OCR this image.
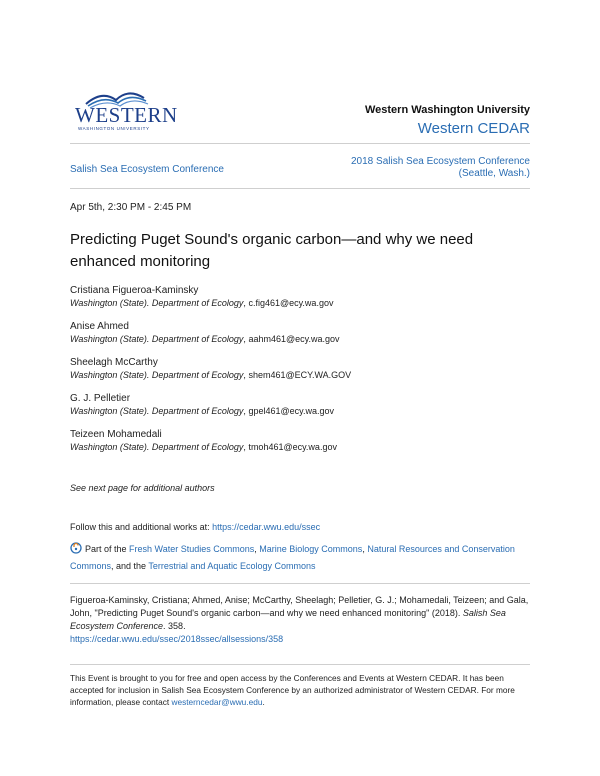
WESTERN
WASHINGTON UNIVERSITY
Western Washington University
Western CEDAR
Salish Sea Ecosystem Conference
2018 Salish Sea Ecosystem Conference
(Seattle, Wash.)
Apr 5th, 2:30 PM - 2:45 PM
Predicting Puget Sound's organic carbon—and why we need enhanced monitoring
Cristiana Figueroa-Kaminsky
Washington (State). Department of Ecology, c.fig461@ecy.wa.gov
Anise Ahmed
Washington (State). Department of Ecology, aahm461@ecy.wa.gov
Sheelagh McCarthy
Washington (State). Department of Ecology, shem461@ECY.WA.GOV
G. J. Pelletier
Washington (State). Department of Ecology, gpel461@ecy.wa.gov
Teizeen Mohamedali
Washington (State). Department of Ecology, tmoh461@ecy.wa.gov
See next page for additional authors
Follow this and additional works at: https://cedar.wwu.edu/ssec
Part of the Fresh Water Studies Commons, Marine Biology Commons, Natural Resources and Conservation Commons, and the Terrestrial and Aquatic Ecology Commons
Figueroa-Kaminsky, Cristiana; Ahmed, Anise; McCarthy, Sheelagh; Pelletier, G. J.; Mohamedali, Teizeen; and Gala, John, "Predicting Puget Sound's organic carbon—and why we need enhanced monitoring" (2018). Salish Sea Ecosystem Conference. 358.
https://cedar.wwu.edu/ssec/2018ssec/allsessions/358
This Event is brought to you for free and open access by the Conferences and Events at Western CEDAR. It has been accepted for inclusion in Salish Sea Ecosystem Conference by an authorized administrator of Western CEDAR. For more information, please contact westerncedar@wwu.edu.
